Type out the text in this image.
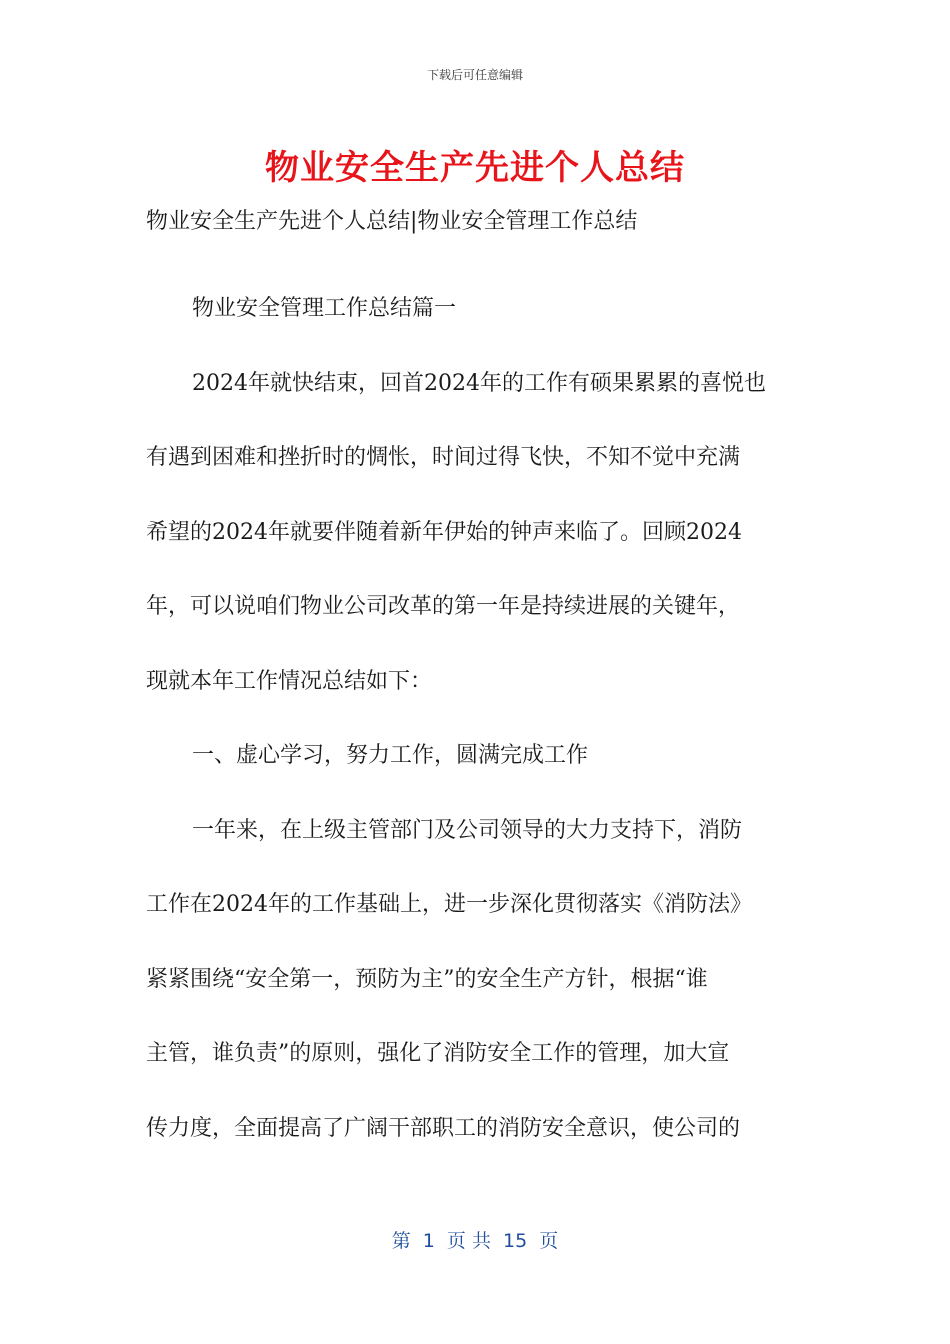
下载后可任意编辑
物业安全生产先进个人总结
物业安全生产先进个人总结|物业安全管理工作总结
物业安全管理工作总结篇一
2024年就快结束，回首2024年的工作有硕果累累的喜悦也
有遇到困难和挫折时的惆怅，时间过得飞快，不知不觉中充满
希望的2024年就要伴随着新年伊始的钟声来临了。回顾2024
年，可以说咱们物业公司改革的第一年是持续进展的关键年，
现就本年工作情况总结如下：
一、虚心学习，努力工作，圆满完成工作
一年来，在上级主管部门及公司领导的大力支持下，消防
工作在2024年的工作基础上，进一步深化贯彻落实《消防法》
紧紧围绕“安全第一，预防为主”的安全生产方针，根据“谁
主管，谁负责”的原则，强化了消防安全工作的管理，加大宣
传力度，全面提高了广阔干部职工的消防安全意识，使公司的
第  1  页 共  15  页
